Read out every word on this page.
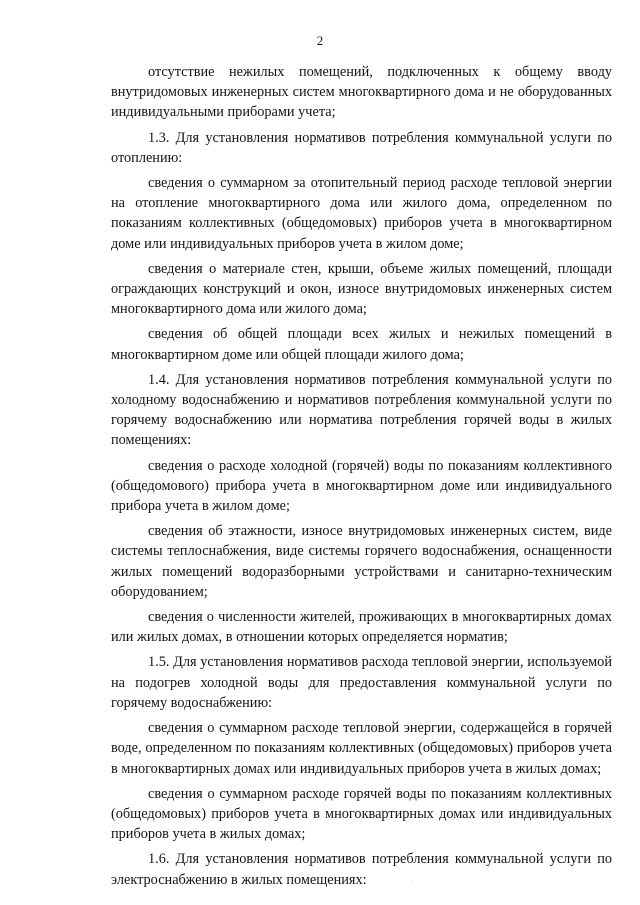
2

отсутствие нежилых помещений, подключенных к общему вводу внутридомовых инженерных систем многоквартирного дома и не оборудованных индивидуальными приборами учета;

1.3. Для установления нормативов потребления коммунальной услуги по отоплению:

сведения о суммарном за отопительный период расходе тепловой энергии на отопление многоквартирного дома или жилого дома, определенном по показаниям коллективных (общедомовых) приборов учета в многоквартирном доме или индивидуальных приборов учета в жилом доме;

сведения о материале стен, крыши, объеме жилых помещений, площади ограждающих конструкций и окон, износе внутридомовых инженерных систем многоквартирного дома или жилого дома;

сведения об общей площади всех жилых и нежилых помещений в многоквартирном доме или общей площади жилого дома;

1.4. Для установления нормативов потребления коммунальной услуги по холодному водоснабжению и нормативов потребления коммунальной услуги по горячему водоснабжению или норматива потребления горячей воды в жилых помещениях:

сведения о расходе холодной (горячей) воды по показаниям коллективного (общедомового) прибора учета в многоквартирном доме или индивидуального прибора учета в жилом доме;

сведения об этажности, износе внутридомовых инженерных систем, виде системы теплоснабжения, виде системы горячего водоснабжения, оснащенности жилых помещений водоразборными устройствами и санитарно-техническим оборудованием;

сведения о численности жителей, проживающих в многоквартирных домах или жилых домах, в отношении которых определяется норматив;

1.5. Для установления нормативов расхода тепловой энергии, используемой на подогрев холодной воды для предоставления коммунальной услуги по горячему водоснабжению:

сведения о суммарном расходе тепловой энергии, содержащейся в горячей воде, определенном по показаниям коллективных (общедомовых) приборов учета в многоквартирных домах или индивидуальных приборов учета в жилых домах;

сведения о суммарном расходе горячей воды по показаниям коллективных (общедомовых) приборов учета в многоквартирных домах или индивидуальных приборов учета в жилых домах;

1.6. Для установления нормативов потребления коммунальной услуги по электроснабжению в жилых помещениях:	·
